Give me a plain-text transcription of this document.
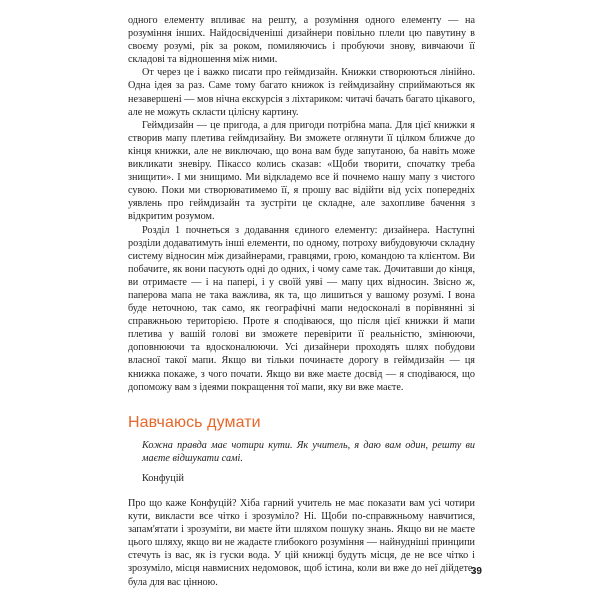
одного елементу впливає на решту, а розуміння одного елементу — на розуміння інших. Найдосвідченіші дизайнери повільно плели цю павутину в своєму розумі, рік за роком, помиляючись і пробуючи знову, вивчаючи її складові та відношення між ними.

От через це і важко писати про геймдизайн. Книжки створюються лінійно. Одна ідея за раз. Саме тому багато книжок із геймдизайну сприймаються як незавершені — мов нічна екскурсія з ліхтариком: читачі бачать багато цікавого, але не можуть скласти цілісну картину.

Геймдизайн — це пригода, а для пригоди потрібна мапа. Для цієї книжки я створив мапу плетива геймдизайну. Ви зможете оглянути її цілком ближче до кінця книжки, але не виключаю, що вона вам буде запутаною, ба навіть може викликати зневіру. Пікассо колись сказав: «Щоби творити, спочатку треба знищити». І ми знищимо. Ми відкладемо все й почнемо нашу мапу з чистого сувою. Поки ми створюватимемо її, я прошу вас відійти від усіх попередніх уявлень про геймдизайн та зустріти це складне, але захопливе бачення з відкритим розумом.

Розділ 1 почнеться з додавання єдиного елементу: дизайнера. Наступні розділи додаватимуть інші елементи, по одному, потроху вибудовуючи складну систему відносин між дизайнерами, гравцями, грою, командою та клієнтом. Ви побачите, як вони пасують одні до одних, і чому саме так. Дочитавши до кінця, ви отримаєте — і на папері, і у своїй уяві — мапу цих відносин. Звісно ж, паперова мапа не така важлива, як та, що лишиться у вашому розумі. І вона буде неточною, так само, як географічні мапи недосконалі в порівнянні зі справжньою територією. Проте я сподіваюся, що після цієї книжки й мапи плетива у вашій голові ви зможете перевірити її реальністю, змінюючи, доповнюючи та вдосконалюючи. Усі дизайнери проходять шлях побудови власної такої мапи. Якщо ви тільки починаєте дорогу в геймдизайн — ця книжка покаже, з чого почати. Якщо ви вже маєте досвід — я сподіваюся, що допоможу вам з ідеями покращення тої мапи, яку ви вже маєте.

Навчаюсь думати

Кожна правда має чотири кути. Як учитель, я даю вам один, решту ви маєте відшукати самі.

Конфуцій

Про що каже Конфуцій? Хіба гарний учитель не має показати вам усі чотири кути, викласти все чітко і зрозуміло? Ні. Щоби по-справжньому навчитися, запам'ятати і зрозуміти, ви маєте йти шляхом пошуку знань. Якщо ви не маєте цього шляху, якщо ви не жадаєте глибокого розуміння — найнудніші принципи стечуть із вас, як із гуски вода. У цій книжці будуть місця, де не все чітко і зрозуміло, місця навмисних недомовок, щоб істина, коли ви вже до неї дійдете, була для вас цінною.

39
